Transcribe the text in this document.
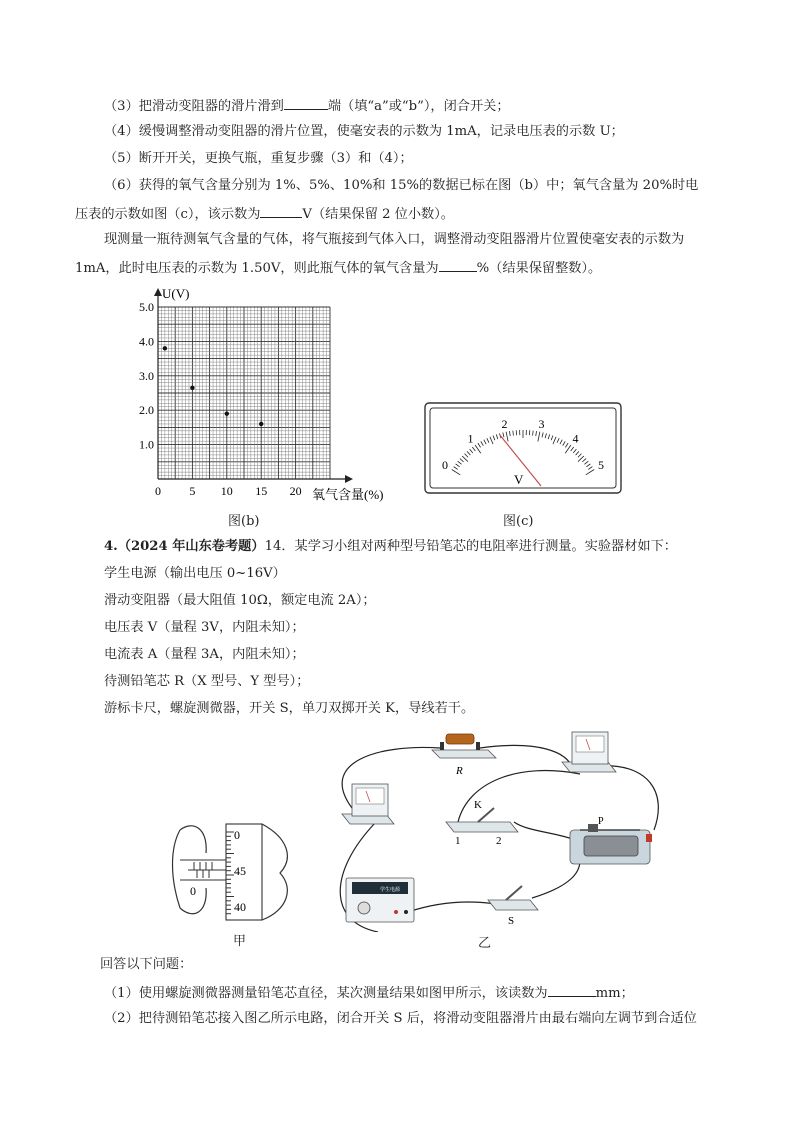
（3）把滑动变阻器的滑片滑到	端（填“a”或“b”），闭合开关；
（4）缓慢调整滑动变阻器的滑片位置，使毫安表的示数为 1mA，记录电压表的示数 U；
（5）断开开关，更换气瓶，重复步骤（3）和（4）；
（6）获得的氧气含量分别为 1%、5%、10%和 15%的数据已标在图（b）中；氧气含量为 20%时电
压表的示数如图（c），该示数为	V（结果保留 2 位小数）。
现测量一瓶待测氧气含量的气体，将气瓶接到气体入口，调整滑动变阻器滑片位置使毫安表的示数为
1mA，此时电压表的示数为 1.50V，则此瓶气体的氧气含量为	%（结果保留整数）。
U(V)
氧气含量(%)
0 5 10 15 20
1.0
2.0
3.0
4.0
5.0
图(b)
0
1
2	3
4
5
V
图(c)
4.（2024 年山东卷考题）14．某学习小组对两种型号铅笔芯的电阻率进行测量。实验器材如下：
学生电源（输出电压 0~16V）
滑动变阻器（最大阻值 10Ω，额定电流 2A）；
电压表 V（量程 3V，内阻未知）；
电流表 A（量程 3A，内阻未知）；
待测铅笔芯 R（X 型号、Y 型号）；
游标卡尺，螺旋测微器，开关 S，单刀双掷开关 K，导线若干。
0
0
45
40
甲
R
K
1	2
P
学生电源
S
乙
回答以下问题：
（1）使用螺旋测微器测量铅笔芯直径，某次测量结果如图甲所示，该读数为	mm；
（2）把待测铅笔芯接入图乙所示电路，闭合开关 S 后，将滑动变阻器滑片由最右端向左调节到合适位
